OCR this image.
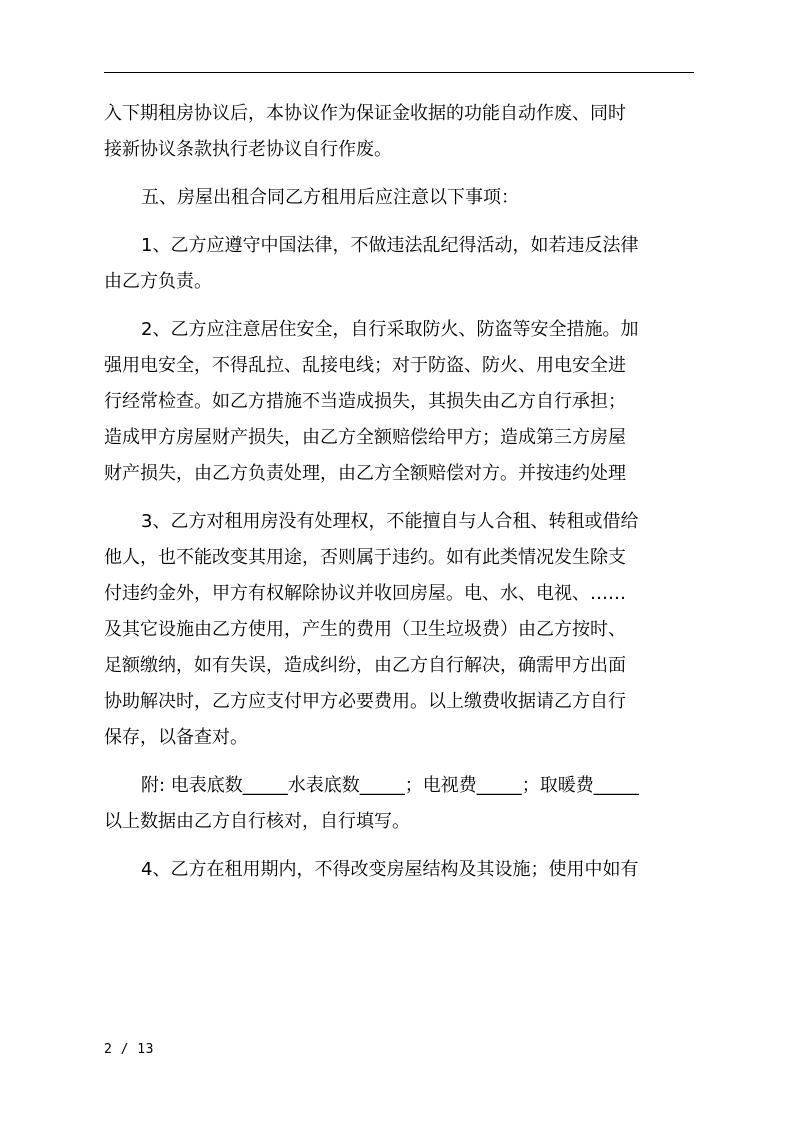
入下期租房协议后，本协议作为保证金收据的功能自动作废、同时
接新协议条款执行老协议自行作废。

五、房屋出租合同乙方租用后应注意以下事项：

1、乙方应遵守中国法律，不做违法乱纪得活动，如若违反法律
由乙方负责。

2、乙方应注意居住安全，自行采取防火、防盗等安全措施。加
强用电安全，不得乱拉、乱接电线；对于防盗、防火、用电安全进
行经常检查。如乙方措施不当造成损失，其损失由乙方自行承担；
造成甲方房屋财产损失，由乙方全额赔偿给甲方；造成第三方房屋
财产损失，由乙方负责处理，由乙方全额赔偿对方。并按违约处理

3、乙方对租用房没有处理权，不能擅自与人合租、转租或借给
他人，也不能改变其用途，否则属于违约。如有此类情况发生除支
付违约金外，甲方有权解除协议并收回房屋。电、水、电视、……
及其它设施由乙方使用，产生的费用（卫生垃圾费）由乙方按时、
足额缴纳，如有失误，造成纠纷，由乙方自行解决，确需甲方出面
协助解决时，乙方应支付甲方必要费用。以上缴费收据请乙方自行
保存，以备查对。

附: 电表底数_____水表底数_____；电视费_____；取暖费_____
以上数据由乙方自行核对，自行填写。

4、乙方在租用期内，不得改变房屋结构及其设施；使用中如有

2 / 13
